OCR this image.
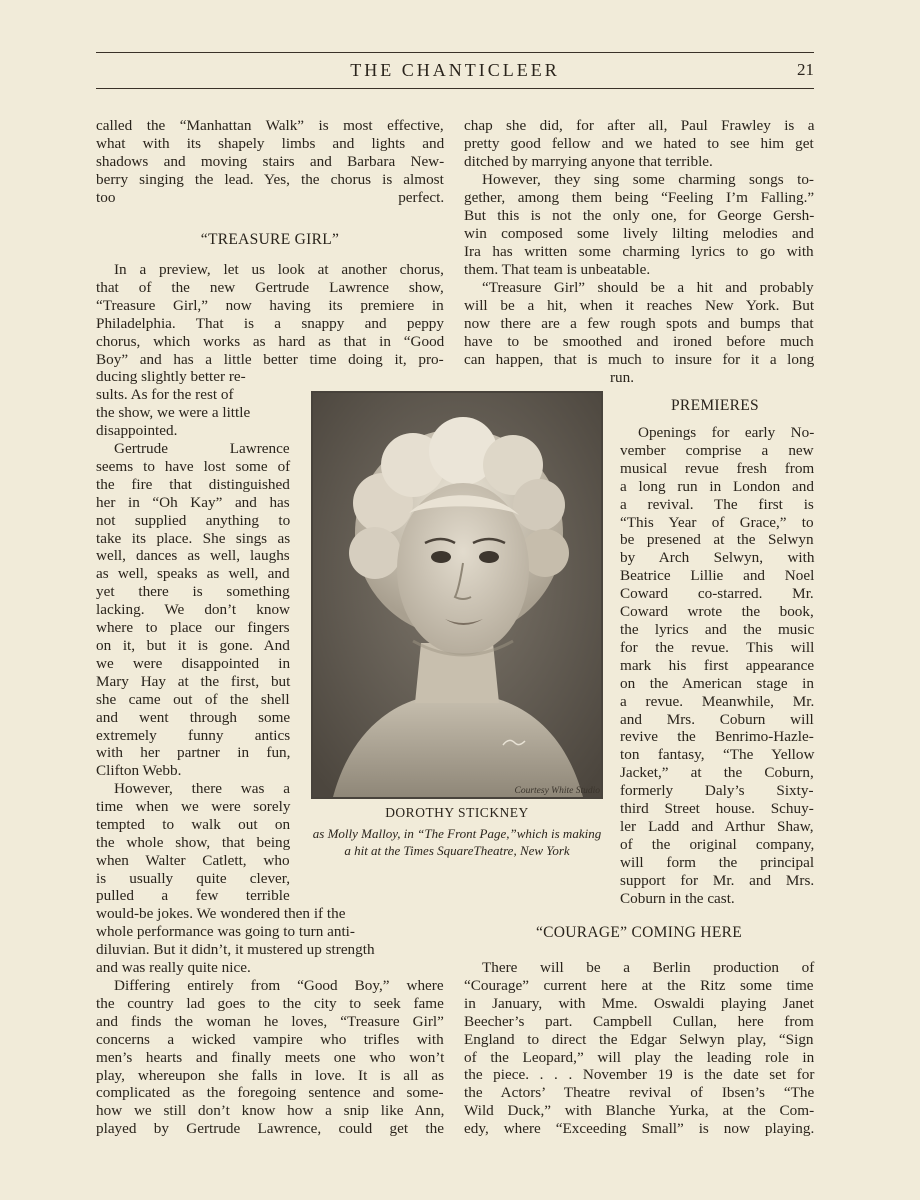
THE CHANTICLEER	21
called the “Manhattan Walk” is most effective,
what with its shapely limbs and lights and
shadows and moving stairs and Barbara New-
berry singing the lead. Yes, the chorus is almost
too perfect.
“TREASURE GIRL”
In a preview, let us look at another chorus,
that of the new Gertrude Lawrence show,
“Treasure Girl,” now having its premiere in
Philadelphia. That is a snappy and peppy
chorus, which works as hard as that in “Good
Boy” and has a little better time doing it, pro-
ducing slightly better re-
sults. As for the rest of
the show, we were a little
disappointed.
Gertrude Lawrence
seems to have lost some of
the fire that distinguished
her in “Oh Kay” and has
not supplied anything to
take its place. She sings as
well, dances as well, laughs
as well, speaks as well, and
yet there is something
lacking. We don’t know
where to place our fingers
on it, but it is gone. And
we were disappointed in
Mary Hay at the first, but
she came out of the shell
and went through some
extremely funny antics
with her partner in fun,
Clifton Webb.
However, there was a
time when we were sorely
tempted to walk out on
the whole show, that being
when Walter Catlett, who
is usually quite clever,
pulled a few terrible
would-be jokes. We wondered then if the
whole performance was going to turn anti-
diluvian. But it didn’t, it mustered up strength
and was really quite nice.
Differing entirely from “Good Boy,” where
the country lad goes to the city to seek fame
and finds the woman he loves, “Treasure Girl”
concerns a wicked vampire who trifles with
men’s hearts and finally meets one who won’t
play, whereupon she falls in love. It is all as
complicated as the foregoing sentence and some-
how we still don’t know how a snip like Ann,
played by Gertrude Lawrence, could get the
chap she did, for after all, Paul Frawley is a
pretty good fellow and we hated to see him get
ditched by marrying anyone that terrible.
However, they sing some charming songs to-
gether, among them being “Feeling I’m Falling.”
But this is not the only one, for George Gersh-
win composed some lively lilting melodies and
Ira has written some charming lyrics to go with
them. That team is unbeatable.
“Treasure Girl” should be a hit and probably
will be a hit, when it reaches New York. But
now there are a few rough spots and bumps that
have to be smoothed and ironed before much
can happen, that is much to insure for it a long
run.
PREMIERES
Openings for early No-
vember comprise a new
musical revue fresh from
a long run in London and
a revival. The first is
“This Year of Grace,” to
be presened at the Selwyn
by Arch Selwyn, with
Beatrice Lillie and Noel
Coward co-starred. Mr.
Coward wrote the book,
the lyrics and the music
for the revue. This will
mark his first appearance
on the American stage in
a revue. Meanwhile, Mr.
and Mrs. Coburn will
revive the Benrimo-Hazle-
ton fantasy, “The Yellow
Jacket,” at the Coburn,
formerly Daly’s Sixty-
third Street house. Schuy-
ler Ladd and Arthur Shaw,
of the original company,
will form the principal
support for Mr. and Mrs.
Coburn in the cast.
“COURAGE” COMING HERE
There will be a Berlin production of
“Courage” current here at the Ritz some time
in January, with Mme. Oswaldi playing Janet
Beecher’s part. Campbell Cullan, here from
England to direct the Edgar Selwyn play, “Sign
of the Leopard,” will play the leading role in
the piece. . . . November 19 is the date set for
the Actors’ Theatre revival of Ibsen’s “The
Wild Duck,” with Blanche Yurka, at the Com-
edy, where “Exceeding Small” is now playing.
Courtesy White Studio
DOROTHY STICKNEY
as Molly Malloy, in “The Front Page,”which is making a hit at the Times SquareTheatre, New York
